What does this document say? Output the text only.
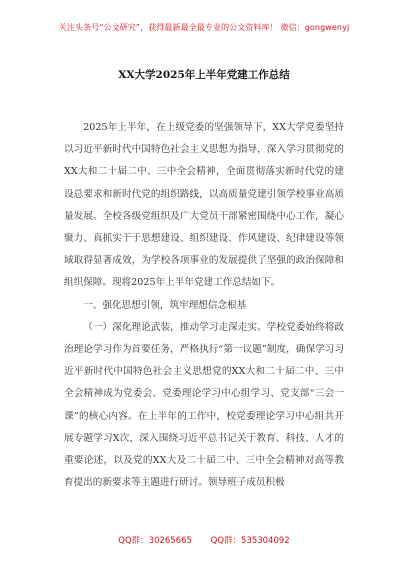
关注头条号“公文研究”，获得最新最全最专业的公文资料库！ 微信：gongwenyj
XX大学2025年上半年党建工作总结

2025年上半年，在上级党委的坚强领导下，XX大学党委坚持以习近平新时代中国特色社会主义思想为指导，深入学习贯彻党的XX大和二十届二中、三中全会精神，全面贯彻落实新时代党的建设总要求和新时代党的组织路线，以高质量党建引领学校事业高质量发展。全校各级党组织及广大党员干部紧密围绕中心工作，凝心聚力、真抓实干于思想建设、组织建设、作风建设、纪律建设等领域取得显著成效，为学校各项事业的发展提供了坚强的政治保障和组织保障。现将2025年上半年党建工作总结如下。

一、强化思想引领，筑牢理想信念根基

（一）深化理论武装，推动学习走深走实。学校党委始终将政治理论学习作为首要任务，严格执行“第一议题”制度，确保学习习近平新时代中国特色社会主义思想党的XX大和二十届二中、三中全会精神成为党委会、党委理论学习中心组学习、党支部“三会一课”的核心内容。在上半年的工作中，校党委理论学习中心组共开展专题学习X次，深入围绕习近平总书记关于教育、科技、人才的重要论述，以及党的XX大及二十届二中、三中全会精神对高等教育提出的新要求等主题进行研讨。领导班子成员积极

QQ群：30265665 QQ群：535304092
